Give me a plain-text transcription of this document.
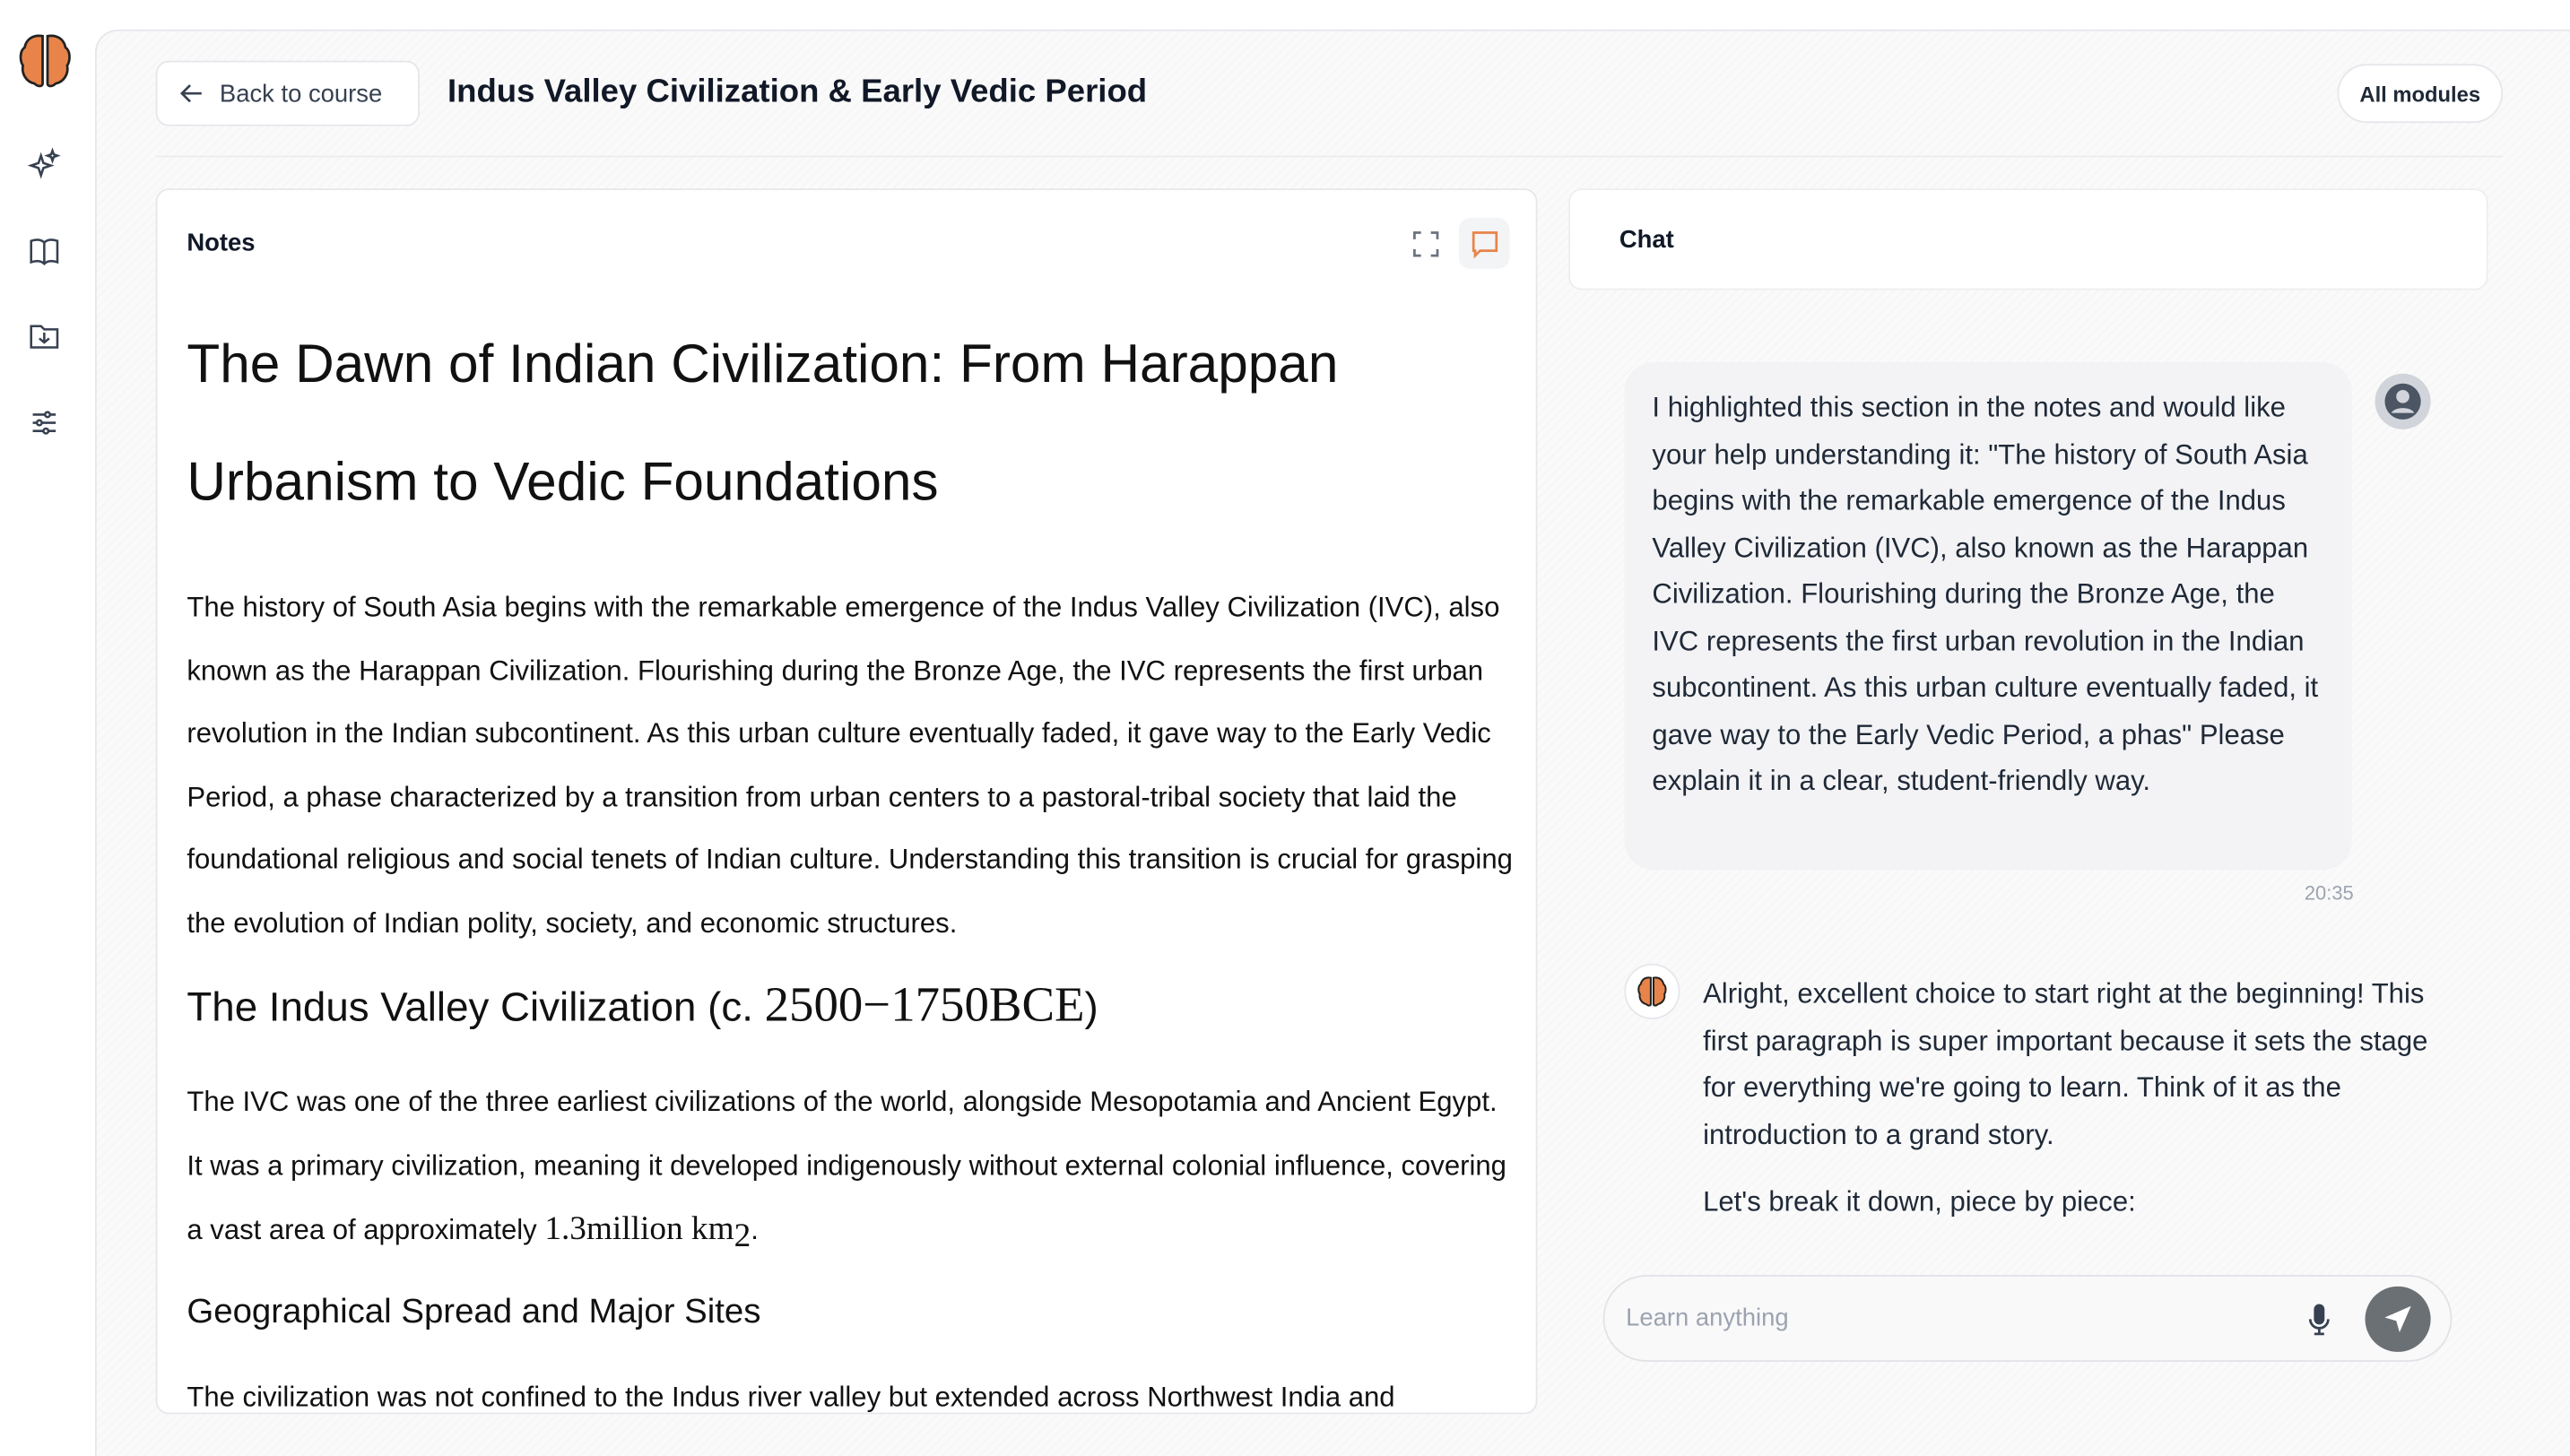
Back to course	Indus Valley Civilization & Early Vedic Period	All modules
Notes
The Dawn of Indian Civilization: From Harappan
Urbanism to Vedic Foundations

The history of South Asia begins with the remarkable emergence of the Indus Valley Civilization (IVC), also known as the Harappan Civilization. Flourishing during the Bronze Age, the IVC represents the first urban revolution in the Indian subcontinent. As this urban culture eventually faded, it gave way to the Early Vedic Period, a phase characterized by a transition from urban centers to a pastoral-tribal society that laid the foundational religious and social tenets of Indian culture. Understanding this transition is crucial for grasping the evolution of Indian polity, society, and economic structures.

The Indus Valley Civilization (c. 2500−1750BCE)

The IVC was one of the three earliest civilizations of the world, alongside Mesopotamia and Ancient Egypt. It was a primary civilization, meaning it developed indigenously without external colonial influence, covering a vast area of approximately 1.3million $km_2$.

Geographical Spread and Major Sites

The civilization was not confined to the Indus river valley but extended across Northwest India and

Chat
I highlighted this section in the notes and would like your help understanding it: "The history of South Asia begins with the remarkable emergence of the Indus Valley Civilization (IVC), also known as the Harappan Civilization. Flourishing during the Bronze Age, the IVC represents the first urban revolution in the Indian subcontinent. As this urban culture eventually faded, it gave way to the Early Vedic Period, a phas" Please explain it in a clear, student-friendly way.
20:35

Alright, excellent choice to start right at the beginning! This first paragraph is super important because it sets the stage for everything we're going to learn. Think of it as the introduction to a grand story.

Let's break it down, piece by piece:

Learn anything
